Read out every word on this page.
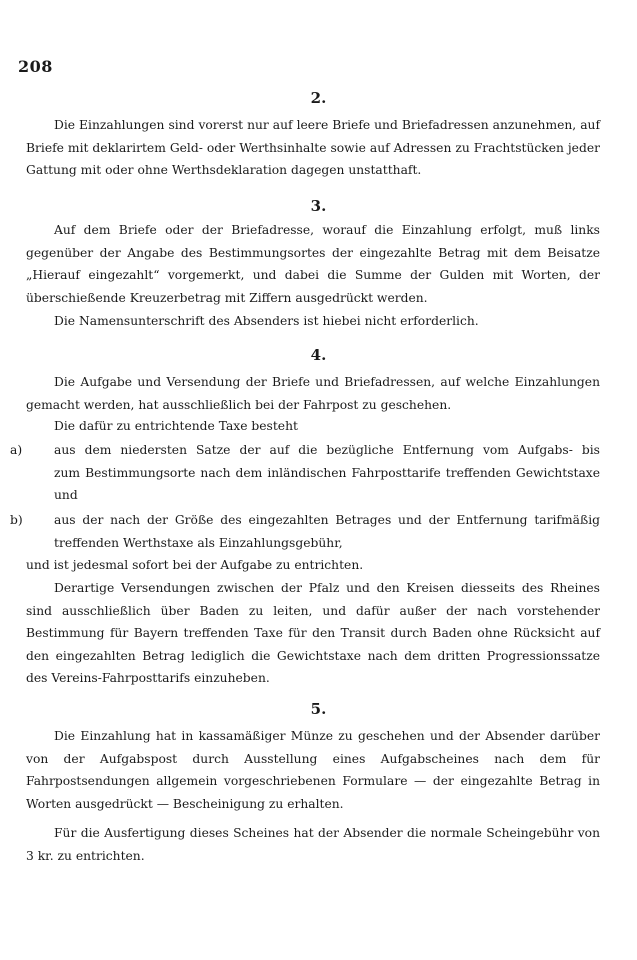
208
2.

Die Einzahlungen sind vorerst nur auf leere Briefe und Briefadressen anzunehmen, auf Briefe mit deklarirtem Geld- oder Werthsinhalte sowie auf Adressen zu Frachtstücken jeder Gattung mit oder ohne Werthsdeklaration dagegen unstatthaft.

3.

Auf dem Briefe oder der Briefadresse, worauf die Einzahlung erfolgt, muß links gegenüber der Angabe des Bestimmungsortes der eingezahlte Betrag mit dem Beisatze „Hierauf eingezahlt“ vorgemerkt, und dabei die Summe der Gulden mit Worten, der überschießende Kreuzerbetrag mit Ziffern ausgedrückt werden.

Die Namensunterschrift des Absenders ist hiebei nicht erforderlich.

4.

Die Aufgabe und Versendung der Briefe und Briefadressen, auf welche Einzahlungen gemacht werden, hat ausschließlich bei der Fahrpost zu geschehen.

Die dafür zu entrichtende Taxe besteht

a)	aus dem niedersten Satze der auf die bezügliche Entfernung vom Aufgabs- bis
zum Bestimmungsorte nach dem inländischen Fahrposttarife treffenden Gewichtstaxe
und
b)	aus der nach der Größe des eingezahlten Betrages und der Entfernung tarifmäßig
treffenden Werthstaxe als Einzahlungsgebühr,
und ist jedesmal sofort bei der Aufgabe zu entrichten.

Derartige Versendungen zwischen der Pfalz und den Kreisen diesseits des Rheines sind ausschließlich über Baden zu leiten, und dafür außer der nach vorstehender Bestimmung für Bayern treffenden Taxe für den Transit durch Baden ohne Rücksicht auf den eingezahlten Betrag lediglich die Gewichtstaxe nach dem dritten Progressionssatze des Vereins-Fahrposttarifs einzuheben.

5.

Die Einzahlung hat in kassamäßiger Münze zu geschehen und der Absender darüber von der Aufgabspost durch Ausstellung eines Aufgabscheines nach dem für Fahrpostsendungen allgemein vorgeschriebenen Formulare — der eingezahlte Betrag in Worten ausgedrückt — Bescheinigung zu erhalten.

Für die Ausfertigung dieses Scheines hat der Absender die normale Scheingebühr von 3 kr. zu entrichten.
